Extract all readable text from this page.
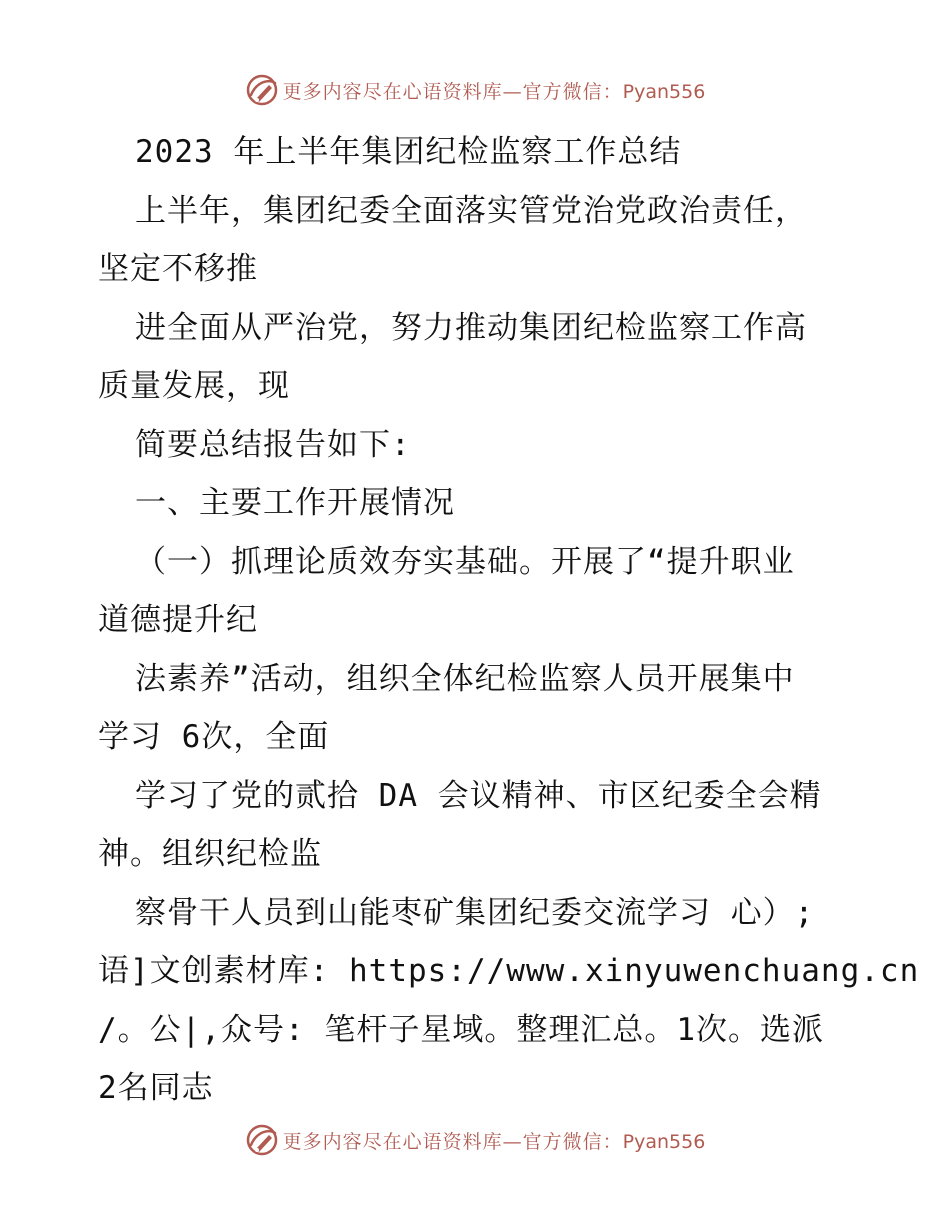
更多内容尽在心语资料库—官方微信：Pyan556
2023 年上半年集团纪检监察工作总结
上半年，集团纪委全面落实管党治党政治责任，
坚定不移推
进全面从严治党，努力推动集团纪检监察工作高
质量发展，现
简要总结报告如下:
一、主要工作开展情况
（一）抓理论质效夯实基础。开展了“提升职业
道德提升纪
法素养”活动，组织全体纪检监察人员开展集中
学习 6次，全面
学习了党的贰拾 DA 会议精神、市区纪委全会精
神。组织纪检监
察骨干人员到山能枣矿集团纪委交流学习 心）;
语]文创素材库: https://www.xinyuwenchuang.cn
/。公|,众号: 笔杆子星域。整理汇总。1次。选派
2名同志
更多内容尽在心语资料库—官方微信：Pyan556
